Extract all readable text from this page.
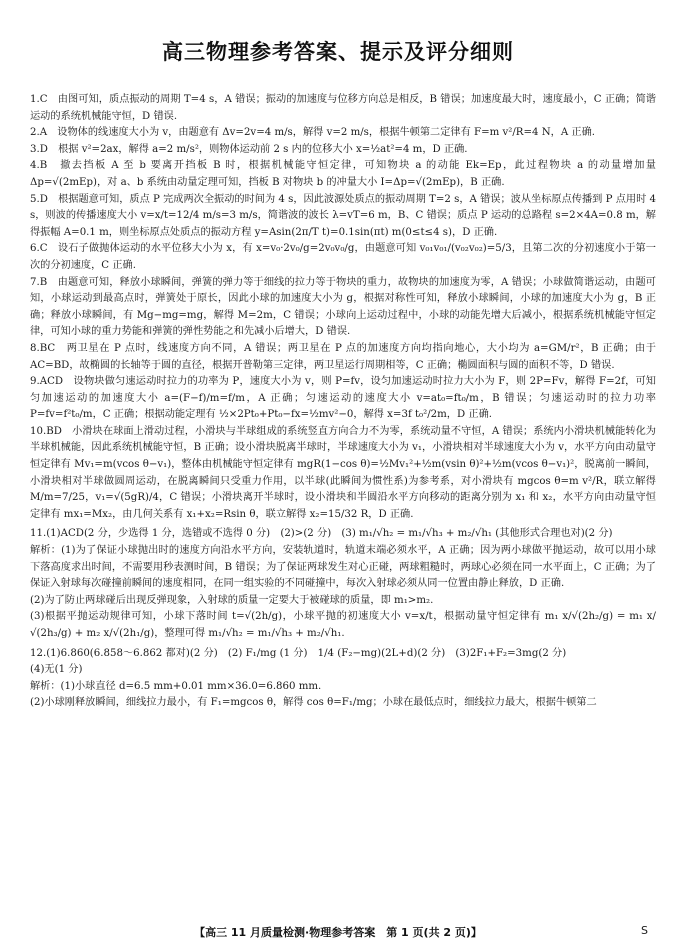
高三物理参考答案、提示及评分细则

1.C　由图可知，质点振动的周期 T=4 s，A 错误；振动的加速度与位移方向总是相反，B 错误；加速度最大时，速度最小，C 正确；简谐运动的系统机械能守恒，D 错误.

2.A　设物体的线速度大小为 v，由题意有 Δv=2v=4 m/s，解得 v=2 m/s，根据牛顿第二定律有 F=m v²/R=4 N，A 正确.

3.D　根据 v²=2ax，解得 a=2 m/s²，则物体运动前 2 s 内的位移大小 x=½at²=4 m，D 正确.

4.B　撤去挡板 A 至 b 要离开挡板 B 时，根据机械能守恒定律，可知物块 a 的动能 Ek=Ep，此过程物块 a 的动量增加量 Δp=√(2mEp)，对 a、b 系统由动量定理可知，挡板 B 对物块 b 的冲量大小 I=Δp=√(2mEp)，B 正确.

5.D　根据题意可知，质点 P 完成两次全振动的时间为 4 s，因此波源处质点的振动周期 T=2 s，A 错误；波从坐标原点传播到 P 点用时 4 s，则波的传播速度大小 v=x/t=12/4 m/s=3 m/s，简谐波的波长 λ=vT=6 m，B、C 错误；质点 P 运动的总路程 s=2×4A=0.8 m，解得振幅 A=0.1 m，则坐标原点处质点的振动方程 y=Asin(2π/T t)=0.1sin(πt) m(0≤t≤4 s)，D 正确.

6.C　设石子做抛体运动的水平位移大小为 x，有 x=v₀·2v₀/g=2v₀v₀/g，由题意可知 v₀₁v₀₁/(v₀₂v₀₂)=5/3，且第二次的分初速度小于第一次的分初速度，C 正确.

7.B　由题意可知，释放小球瞬间，弹簧的弹力等于细线的拉力等于物块的重力，故物块的加速度为零，A 错误；小球做简谐运动，由题可知，小球运动到最高点时，弹簧处于原长，因此小球的加速度大小为 g，根据对称性可知，释放小球瞬间，小球的加速度大小为 g，B 正确；释放小球瞬间，有 Mg−mg=mg，解得 M=2m，C 错误；小球向上运动过程中，小球的动能先增大后减小，根据系统机械能守恒定律，可知小球的重力势能和弹簧的弹性势能之和先减小后增大，D 错误.

8.BC　两卫星在 P 点时，线速度方向不同，A 错误；两卫星在 P 点的加速度方向均指向地心，大小均为 a=GM/r²，B 正确；由于 AC=BD，故椭圆的长轴等于圆的直径，根据开普勒第三定律，两卫星运行周期相等，C 正确；椭圆面积与圆的面积不等，D 错误.

9.ACD　设物块做匀速运动时拉力的功率为 P，速度大小为 v，则 P=fv，设匀加速运动时拉力大小为 F，则 2P=Fv，解得 F=2f，可知匀加速运动的加速度大小 a=(F−f)/m=f/m，A 正确；匀速运动的速度大小 v=at₀=ft₀/m，B 错误；匀速运动时的拉力功率 P=fv=f²t₀/m，C 正确；根据动能定理有 ½×2Pt₀+Pt₀−fx=½mv²−0，解得 x=3f t₀²/2m，D 正确.

10.BD　小滑块在球面上滑动过程，小滑块与半球组成的系统竖直方向合力不为零，系统动量不守恒，A 错误；系统内小滑块机械能转化为半球机械能，因此系统机械能守恒，B 正确；设小滑块脱离半球时，半球速度大小为 v₁，小滑块相对半球速度大小为 v，水平方向由动量守恒定律有 Mv₁=m(vcos θ−v₁)，整体由机械能守恒定律有 mgR(1−cos θ)=½Mv₁²+½m(vsin θ)²+½m(vcos θ−v₁)²，脱离前一瞬间，小滑块相对半球做圆周运动，在脱离瞬间只受重力作用，以半球(此瞬间为惯性系)为参考系，对小滑块有 mgcos θ=m v²/R，联立解得 M/m=7/25，v₁=√(5gR)/4，C 错误；小滑块离开半球时，设小滑块和半圆沿水平方向移动的距离分别为 x₁ 和 x₂，水平方向由动量守恒定律有 mx₁=Mx₂，由几何关系有 x₁+x₂=Rsin θ，联立解得 x₂=15/32 R，D 正确.

11.(1)ACD(2 分，少选得 1 分，选错或不选得 0 分)　(2)>(2 分)　(3) m₁/√h₂ = m₁/√h₃ + m₂/√h₁ (其他形式合理也对)(2 分)

解析：(1)为了保证小球抛出时的速度方向沿水平方向，安装轨道时，轨道末端必须水平，A 正确；因为两小球做平抛运动，故可以用小球下落高度求出时间，不需要用秒表测时间，B 错误；为了保证两球发生对心正碰，两球粗糙时，两球心必须在同一水平面上，C 正确；为了保证入射球每次碰撞前瞬间的速度相同，在同一组实验的不同碰撞中，每次入射球必须从同一位置由静止释放，D 正确.

(2)为了防止两球碰后出现反弹现象，入射球的质量一定要大于被碰球的质量，即 m₁>m₂.

(3)根据平抛运动规律可知，小球下落时间 t=√(2h/g)，小球平抛的初速度大小 v=x/t，根据动量守恒定律有 m₁ x/√(2h₂/g) = m₁ x/√(2h₃/g) + m₂ x/√(2h₁/g)，整理可得 m₁/√h₂ = m₁/√h₃ + m₂/√h₁.

12.(1)6.860(6.858～6.862 都对)(2 分)　(2) F₁/mg (1 分)　1/4 (F₂−mg)(2L+d)(2 分)　(3)2F₁+F₂=3mg(2 分)

(4)无(1 分)

解析：(1)小球直径 d=6.5 mm+0.01 mm×36.0=6.860 mm.

(2)小球刚释放瞬间，细线拉力最小，有 F₁=mgcos θ，解得 cos θ=F₁/mg；小球在最低点时，细线拉力最大，根据牛顿第二

【高三 11 月质量检测·物理参考答案　第 1 页(共 2 页)】	S
